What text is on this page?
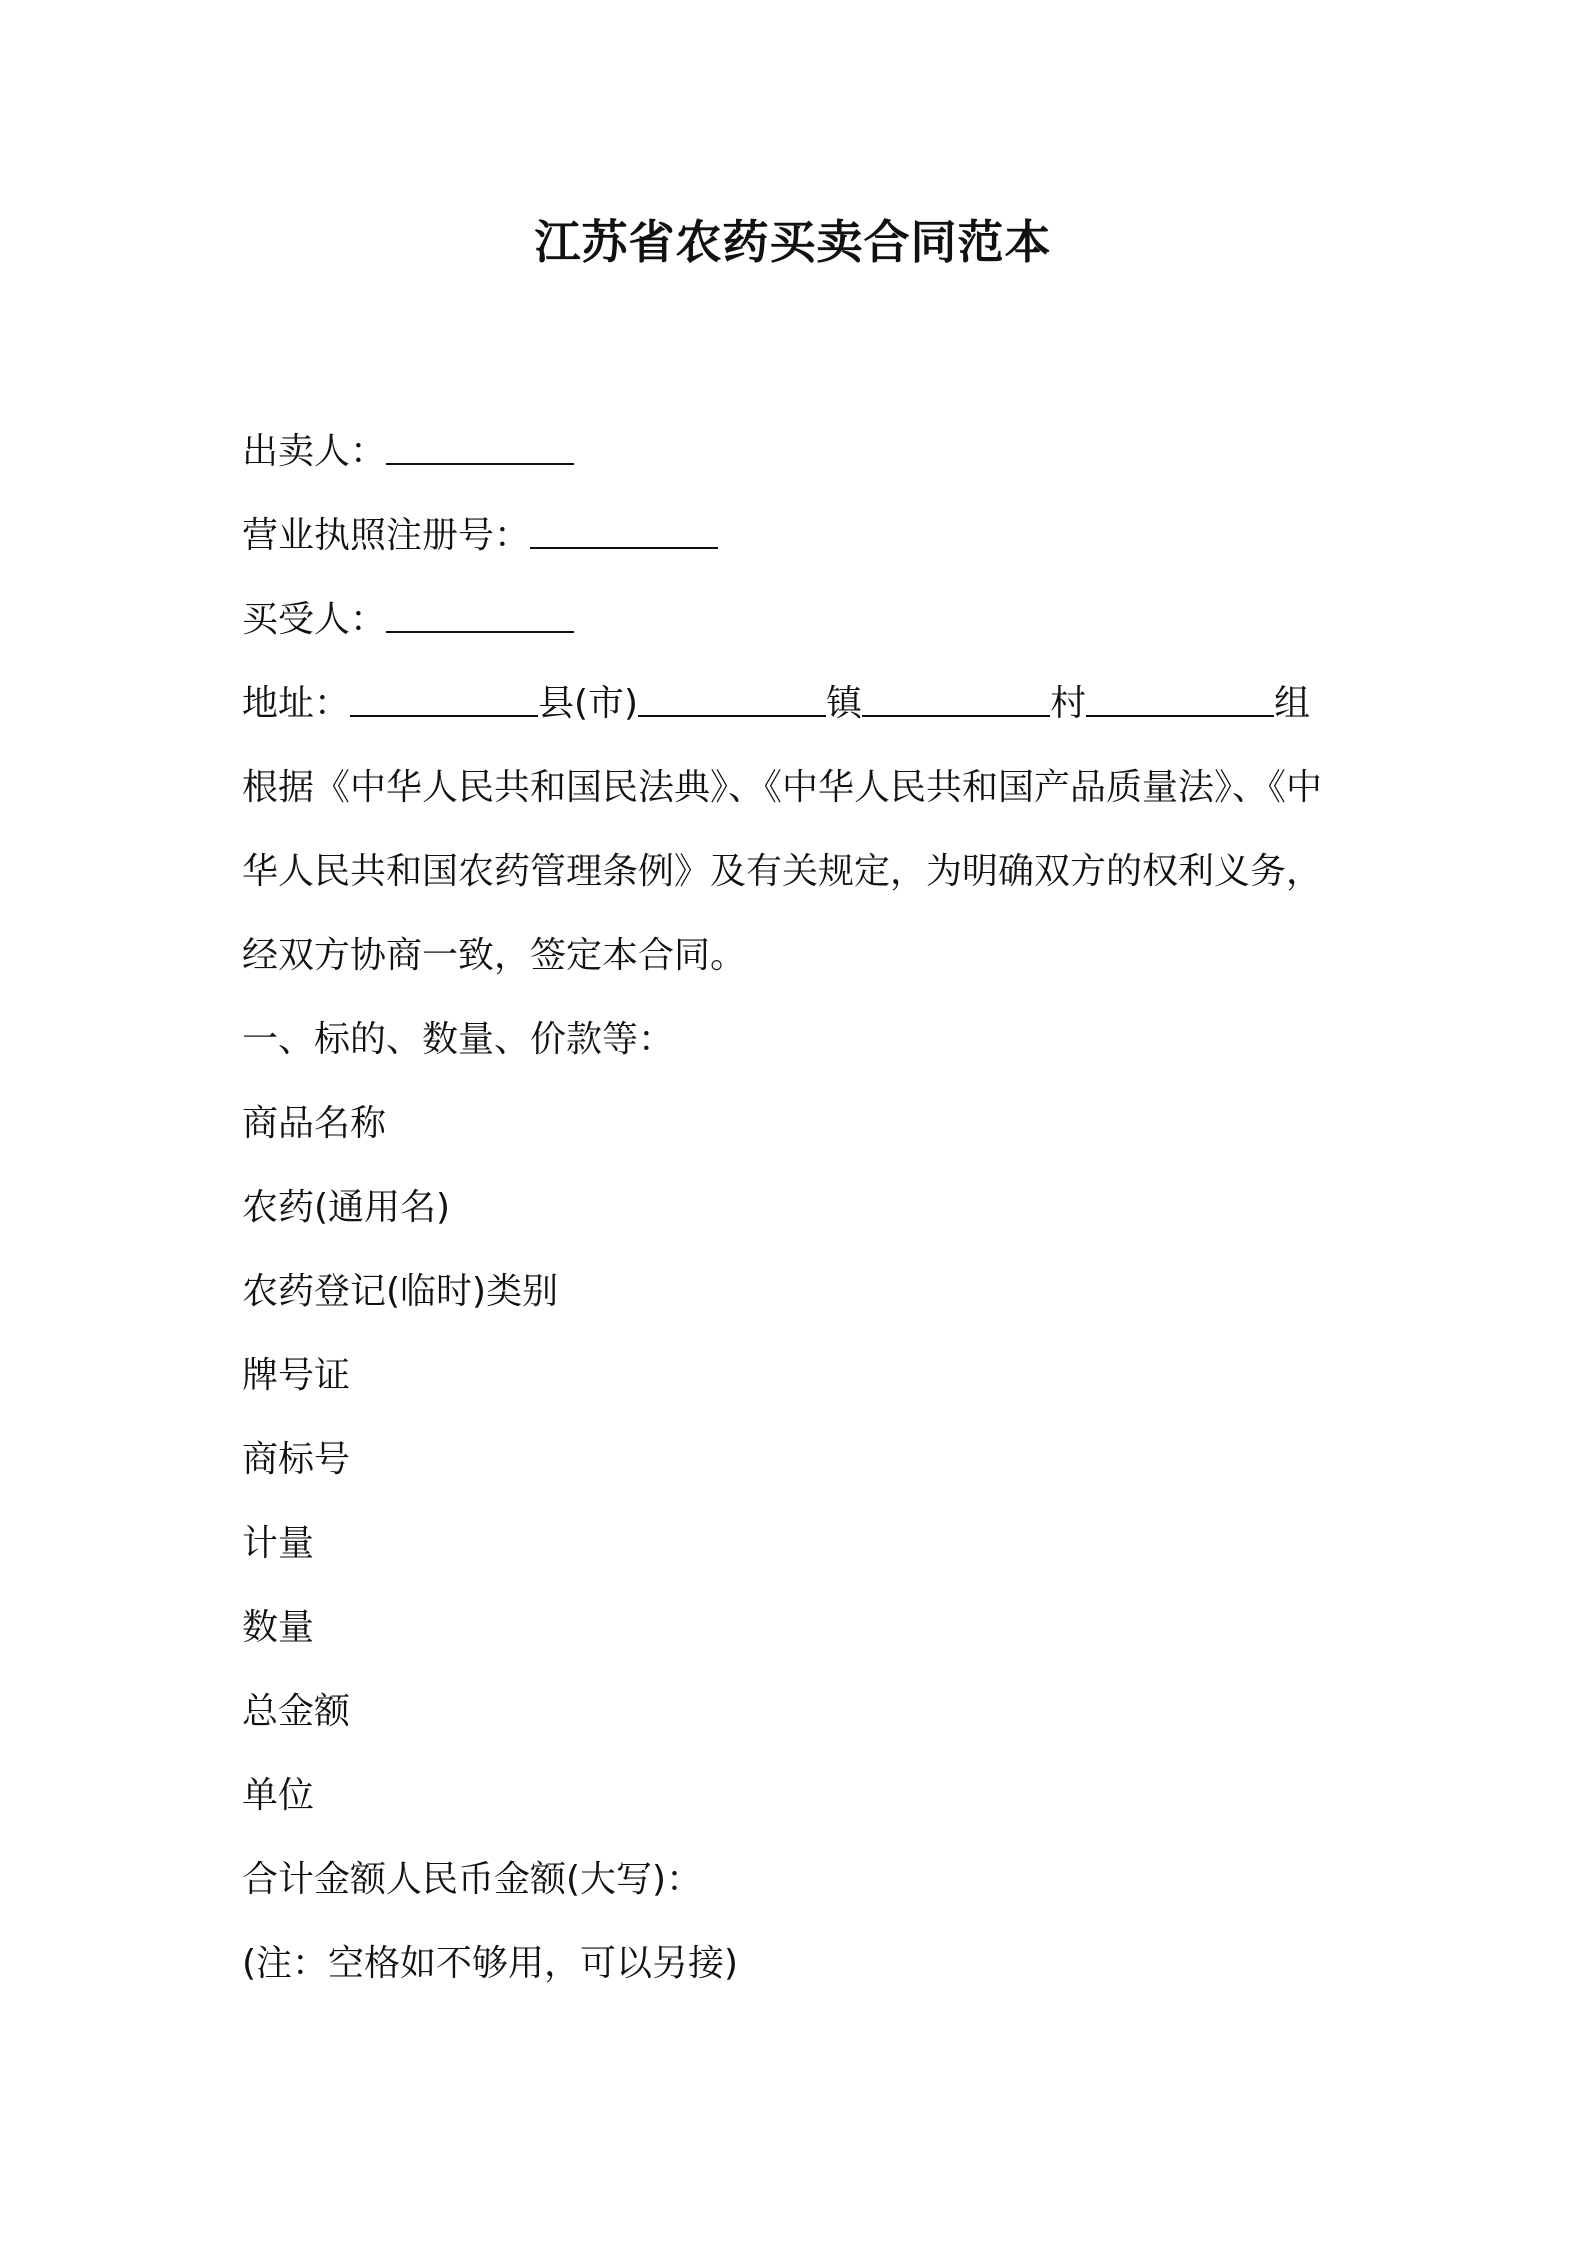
江苏省农药买卖合同范本
出卖人：
营业执照注册号：
买受人：
地址：	县(市)	镇	村	组
根据《中华人民共和国民法典》、《中华人民共和国产品质量法》、《中
华人民共和国农药管理条例》及有关规定，为明确双方的权利义务，
经双方协商一致，签定本合同。
一、标的、数量、价款等：
商品名称
农药(通用名)
农药登记(临时)类别
牌号证
商标号
计量
数量
总金额
单位
合计金额人民币金额(大写)：
(注：空格如不够用，可以另接)
